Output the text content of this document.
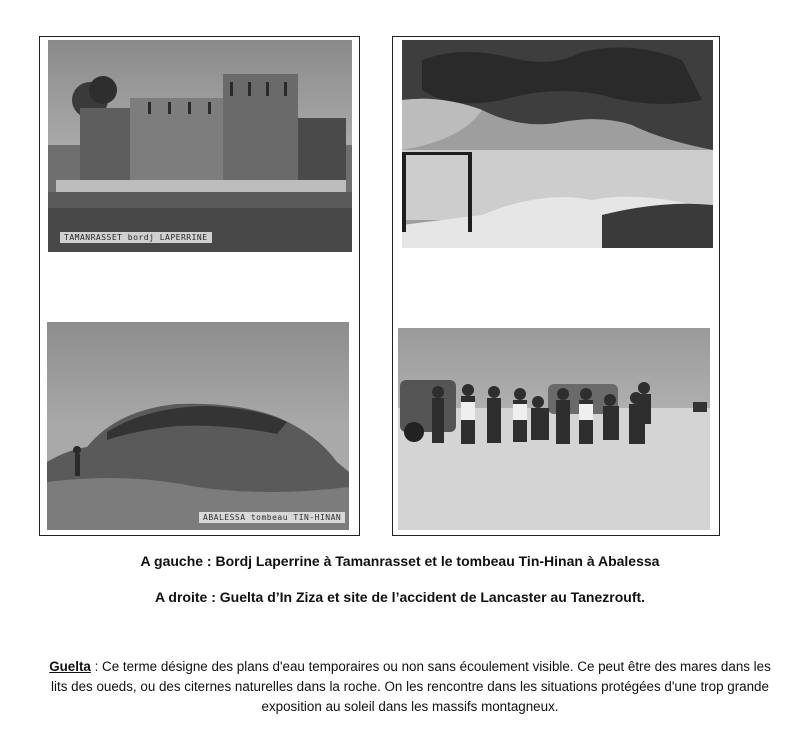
TAMANRASSET bordj LAPERRINE
ABALESSA tombeau TIN-HINAN
A gauche : Bordj Laperrine à Tamanrasset et le tombeau Tin-Hinan à Abalessa
A droite : Guelta d’In Ziza et site de l’accident de Lancaster au Tanezrouft.
Guelta : Ce terme désigne des plans d'eau temporaires ou non sans écoulement visible. Ce peut être des mares dans les lits des oueds, ou des citernes naturelles dans la roche. On les rencontre dans les situations protégées d'une trop grande exposition au soleil dans les massifs montagneux.
